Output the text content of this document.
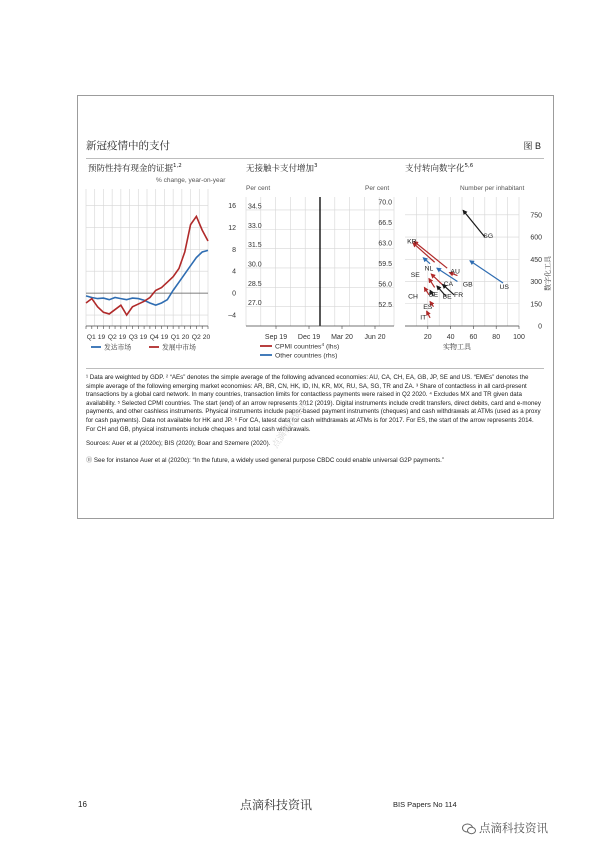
新冠疫情中的支付	图 B
预防性持有现金的证据$^{1,2}$
% change, year-on-year
–4
0
4
8
12
16
Q1 19 Q2 19 Q3 19 Q4 19 Q1 20 Q2 20
发达市场	发展中市场
无接触卡支付增加$^3$
Per cent	Per cent
27.0
28.5
30.0
31.5
33.0
34.5
52.5
56.0
59.5
63.0
66.5
70.0
Sep 19 Dec 19 Mar 20 Jun 20
CPMI countries$^4$ (lhs)
Other countries (rhs)
支付转向数字化$^{5,6}$
Number per inhabitant
0
150
300
450
600
750
20 40 60 80 100
SG
KR
US
NL
SE
AU
CA GB
CH DE BE FR
ES
IT
实物工具
数字化工具

¹ Data are weighted by GDP. ² “AEs” denotes the simple average of the following advanced economies: AU, CA, CH, EA, GB, JP, SE and US. “EMEs” denotes the simple average of the following emerging market economies: AR, BR, CN, HK, ID, IN, KR, MX, RU, SA, SG, TR and ZA. ³ Share of contactless in all card-present transactions by a global card network. In many countries, transaction limits for contactless payments were raised in Q2 2020. ⁴ Excludes MX and TR given data availability. ⁵ Selected CPMI countries. The start (end) of an arrow represents 2012 (2019). Digital instruments include credit transfers, direct debits, card and e-money payments, and other cashless instruments. Physical instruments include paper-based payment instruments (cheques) and cash withdrawals at ATMs (used as a proxy for cash payments). Data not available for HK and JP. ⁶ For CA, latest data for cash withdrawals at ATMs is for 2017. For ES, the start of the arrow represents 2014. For CH and GB, physical instruments include cheques and total cash withdrawals.

Sources: Auer et al (2020c); BIS (2020); Boar and Szemere (2020).

⑪ See for instance Auer et al (2020c): “In the future, a widely used general purpose CBDC could enable universal G2P payments.”

点滴科技资讯
16	点滴科技资讯	BIS Papers No 114
点滴科技资讯
